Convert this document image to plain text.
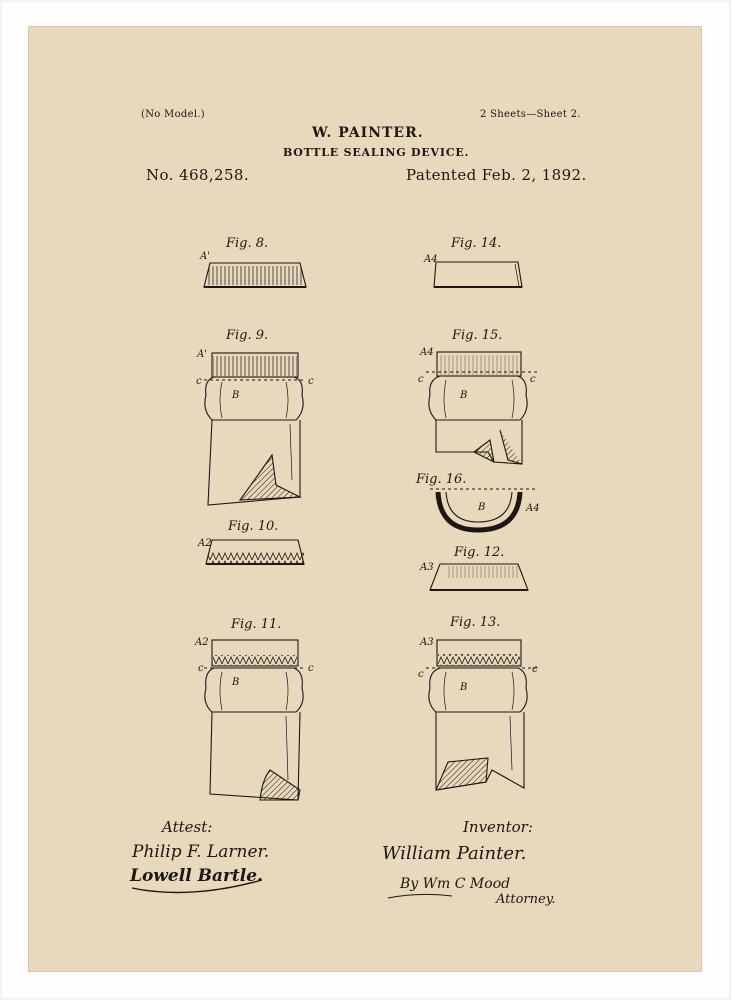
(No Model.)	2 Sheets—Sheet 2.
W. PAINTER.
BOTTLE SEALING DEVICE.
No. 468,258.	Patented Feb. 2, 1892.
Fig. 8.	Fig. 14.
Fig. 9.	Fig. 15.
Fig. 16.
Fig. 10.
Fig. 12.
Fig. 11.	Fig. 13.
A'	A4
A'
c	c
B
A4
c	c
B
A4
B
A2
A3
A2
c	c
B
A3
c	c
B
Attest:
Philip F. Larner.
Lowell Bartle.
Inventor:
William Painter.
By Wm C Mood
Attorney.
